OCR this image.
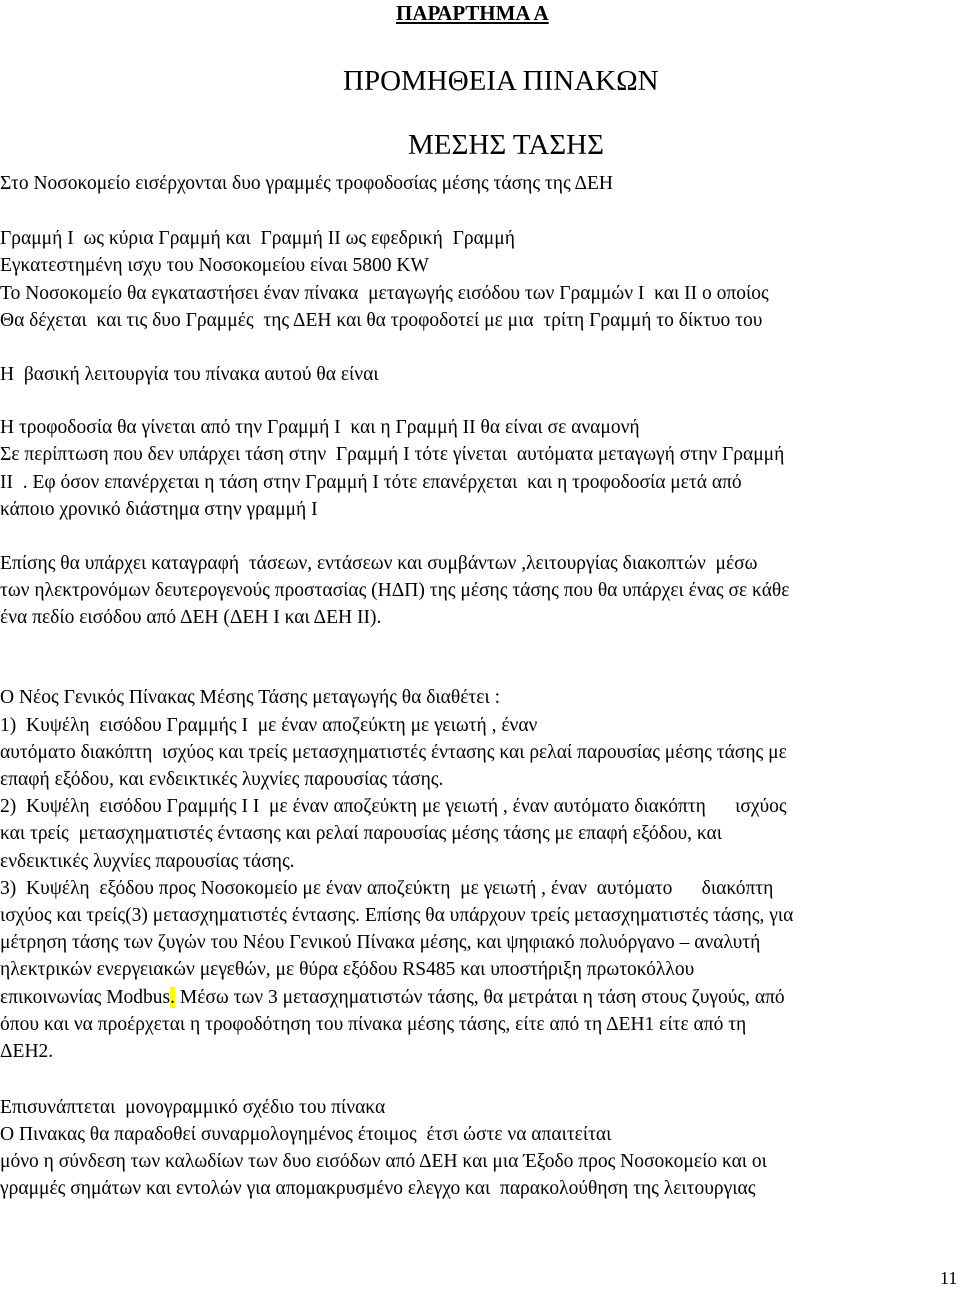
ΠΑΡΑΡΤΗΜΑ Α
ΠΡΟΜΗΘΕΙΑ ΠΙΝΑΚΩΝ
ΜΕΣΗΣ ΤΑΣΗΣ

Στο Νοσοκομείο εισέρχονται δυο γραμμές τροφοδοσίας μέσης τάσης της ΔΕΗ

Γραμμή Ι  ως κύρια Γραμμή και  Γραμμή ΙΙ ως εφεδρική  Γραμμή

Εγκατεστημένη ισχυ του Νοσοκομείου είναι 5800 KW

Το Νοσοκομείο θα εγκαταστήσει έναν πίνακα  μεταγωγής εισόδου των Γραμμών Ι  και ΙΙ ο οποίος

Θα δέχεται  και τις δυο Γραμμές  της ΔΕΗ και θα τροφοδοτεί με μια  τρίτη Γραμμή το δίκτυο του

Η  βασική λειτουργία του πίνακα αυτού θα είναι

Η τροφοδοσία θα γίνεται από την Γραμμή Ι  και η Γραμμή ΙΙ θα είναι σε αναμονή

Σε περίπτωση που δεν υπάρχει τάση στην  Γραμμή Ι τότε γίνεται  αυτόματα μεταγωγή στην Γραμμή

ΙΙ  . Εφ όσον επανέρχεται η τάση στην Γραμμή Ι τότε επανέρχεται  και η τροφοδοσία μετά από

κάποιο χρονικό διάστημα στην γραμμή Ι

Επίσης θα υπάρχει καταγραφή  τάσεων, εντάσεων και συμβάντων ,λειτουργίας διακοπτών  μέσω

των ηλεκτρονόμων δευτερογενούς προστασίας (ΗΔΠ) της μέσης τάσης που θα υπάρχει ένας σε κάθε

ένα πεδίο εισόδου από ΔΕΗ (ΔΕΗ Ι και ΔΕΗ ΙΙ).

Ο Νέος Γενικός Πίνακας Μέσης Τάσης μεταγωγής θα διαθέτει :

1)  Κυψέλη  εισόδου Γραμμής Ι  με έναν αποζεύκτη με γειωτή , έναν

αυτόματο διακόπτη  ισχύος και τρείς μετασχηματιστές έντασης και ρελαί παρουσίας μέσης τάσης με

επαφή εξόδου, και ενδεικτικές λυχνίες παρουσίας τάσης.

2)  Κυψέλη  εισόδου Γραμμής Ι Ι  με έναν αποζεύκτη με γειωτή , έναν αυτόματο διακόπτη      ισχύος

και τρείς  μετασχηματιστές έντασης και ρελαί παρουσίας μέσης τάσης με επαφή εξόδου, και

ενδεικτικές λυχνίες παρουσίας τάσης.

3)  Κυψέλη  εξόδου προς Νοσοκομείο με έναν αποζεύκτη  με γειωτή , έναν  αυτόματο      διακόπτη

ισχύος και τρείς(3) μετασχηματιστές έντασης. Επίσης θα υπάρχουν τρείς μετασχηματιστές τάσης, για

μέτρηση τάσης των ζυγών του Νέου Γενικού Πίνακα μέσης, και ψηφιακό πολυόργανο – αναλυτή

ηλεκτρικών ενεργειακών μεγεθών, με θύρα εξόδου RS485 και υποστήριξη πρωτοκόλλου

επικοινωνίας Modbus. Μέσω των 3 μετασχηματιστών τάσης, θα μετράται η τάση στους ζυγούς, από

όπου και να προέρχεται η τροφοδότηση του πίνακα μέσης τάσης, είτε από τη ΔΕΗ1 είτε από τη

ΔΕΗ2.

Επισυνάπτεται  μονογραμμικό σχέδιο του πίνακα

Ο Πινακας θα παραδοθεί συναρμολογημένος έτοιμος  έτσι ώστε να απαιτείται

μόνο η σύνδεση των καλωδίων των δυο εισόδων από ΔΕΗ και μια Έξοδο προς Νοσοκομείο και οι

γραμμές σημάτων και εντολών για απομακρυσμένο ελεγχο και  παρακολούθηση της λειτουργιας

11
